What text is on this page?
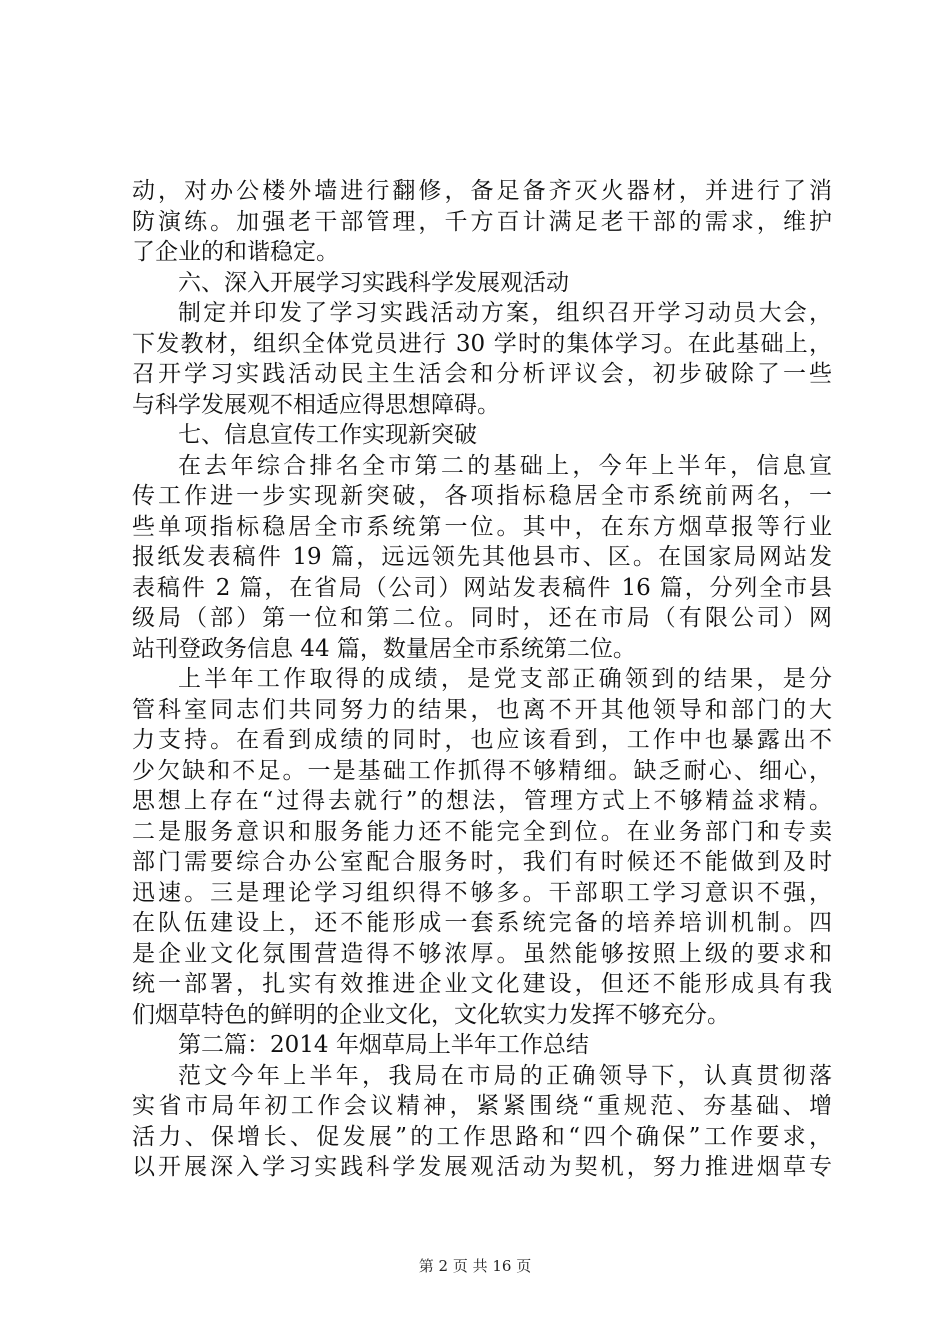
动，对办公楼外墙进行翻修，备足备齐灭火器材，并进行了消
防演练。加强老干部管理，千方百计满足老干部的需求，维护
了企业的和谐稳定。
六、深入开展学习实践科学发展观活动
制定并印发了学习实践活动方案，组织召开学习动员大会，
下发教材，组织全体党员进行 30 学时的集体学习。在此基础上，
召开学习实践活动民主生活会和分析评议会，初步破除了一些
与科学发展观不相适应得思想障碍。
七、信息宣传工作实现新突破
在去年综合排名全市第二的基础上，今年上半年，信息宣
传工作进一步实现新突破，各项指标稳居全市系统前两名，一
些单项指标稳居全市系统第一位。其中，在东方烟草报等行业
报纸发表稿件 19 篇，远远领先其他县市、区。在国家局网站发
表稿件 2 篇，在省局（公司）网站发表稿件 16 篇，分列全市县
级局（部）第一位和第二位。同时，还在市局（有限公司）网
站刊登政务信息 44 篇，数量居全市系统第二位。
上半年工作取得的成绩，是党支部正确领到的结果，是分
管科室同志们共同努力的结果，也离不开其他领导和部门的大
力支持。在看到成绩的同时，也应该看到，工作中也暴露出不
少欠缺和不足。一是基础工作抓得不够精细。缺乏耐心、细心，
思想上存在“过得去就行”的想法，管理方式上不够精益求精。
二是服务意识和服务能力还不能完全到位。在业务部门和专卖
部门需要综合办公室配合服务时，我们有时候还不能做到及时
迅速。三是理论学习组织得不够多。干部职工学习意识不强，
在队伍建设上，还不能形成一套系统完备的培养培训机制。四
是企业文化氛围营造得不够浓厚。虽然能够按照上级的要求和
统一部署，扎实有效推进企业文化建设，但还不能形成具有我
们烟草特色的鲜明的企业文化，文化软实力发挥不够充分。
第二篇：2014 年烟草局上半年工作总结
范文今年上半年，我局在市局的正确领导下，认真贯彻落
实省市局年初工作会议精神，紧紧围绕“重规范、夯基础、增
活力、保增长、促发展”的工作思路和“四个确保”工作要求，
以开展深入学习实践科学发展观活动为契机，努力推进烟草专
第 2 页 共 16 页
